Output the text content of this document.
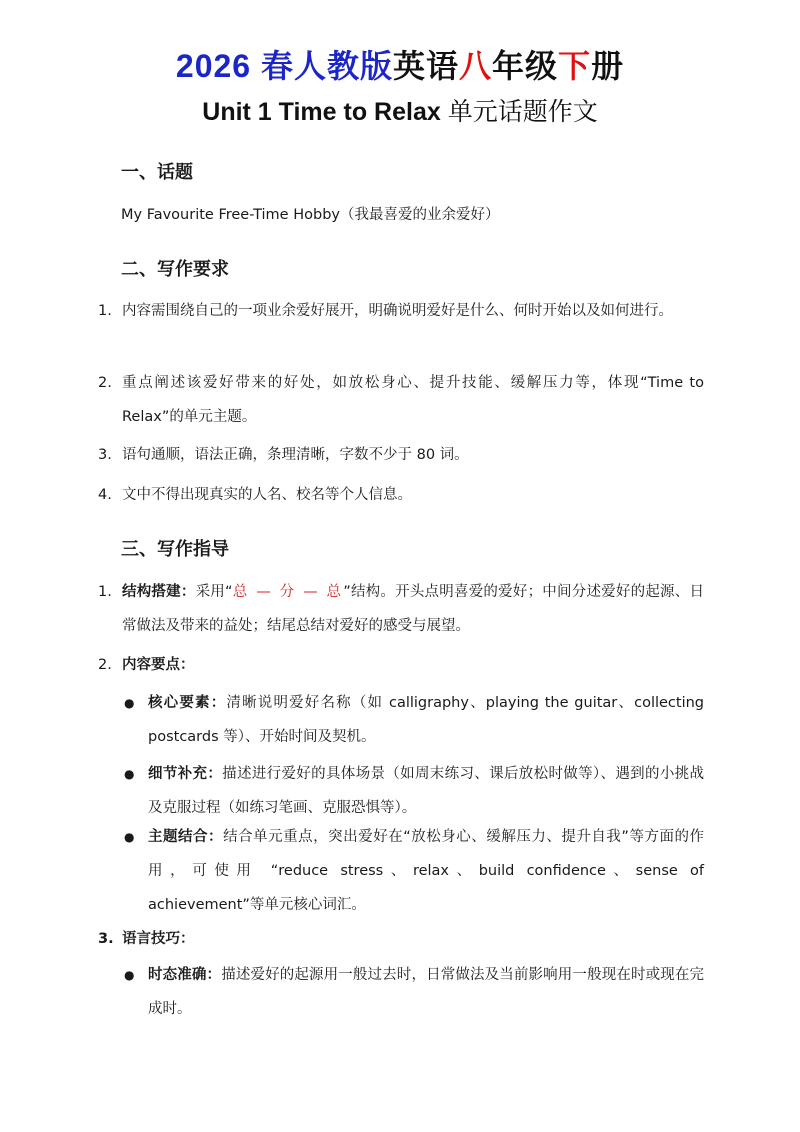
2026 春人教版英语八年级下册
Unit 1 Time to Relax 单元话题作文
一、话题
My Favourite Free-Time Hobby（我最喜爱的业余爱好）
二、写作要求
1. 内容需围绕自己的一项业余爱好展开，明确说明爱好是什么、何时开始以及如何进行。
2. 重点阐述该爱好带来的好处，如放松身心、提升技能、缓解压力等，体现“Time to Relax”的单元主题。
3. 语句通顺，语法正确，条理清晰，字数不少于 80 词。
4. 文中不得出现真实的人名、校名等个人信息。
三、写作指导
1. 结构搭建：采用“总 — 分 — 总”结构。开头点明喜爱的爱好；中间分述爱好的起源、日常做法及带来的益处；结尾总结对爱好的感受与展望。
2. 内容要点：
● 核心要素：清晰说明爱好名称（如 calligraphy、playing the guitar、collecting postcards 等）、开始时间及契机。
● 细节补充：描述进行爱好的具体场景（如周末练习、课后放松时做等）、遇到的小挑战及克服过程（如练习笔画、克服恐惧等）。
● 主题结合：结合单元重点，突出爱好在“放松身心、缓解压力、提升自我”等方面的作用，可使用 “reduce stress、relax、build confidence、sense of achievement”等单元核心词汇。
3. 语言技巧：
● 时态准确：描述爱好的起源用一般过去时，日常做法及当前影响用一般现在时或现在完成时。
